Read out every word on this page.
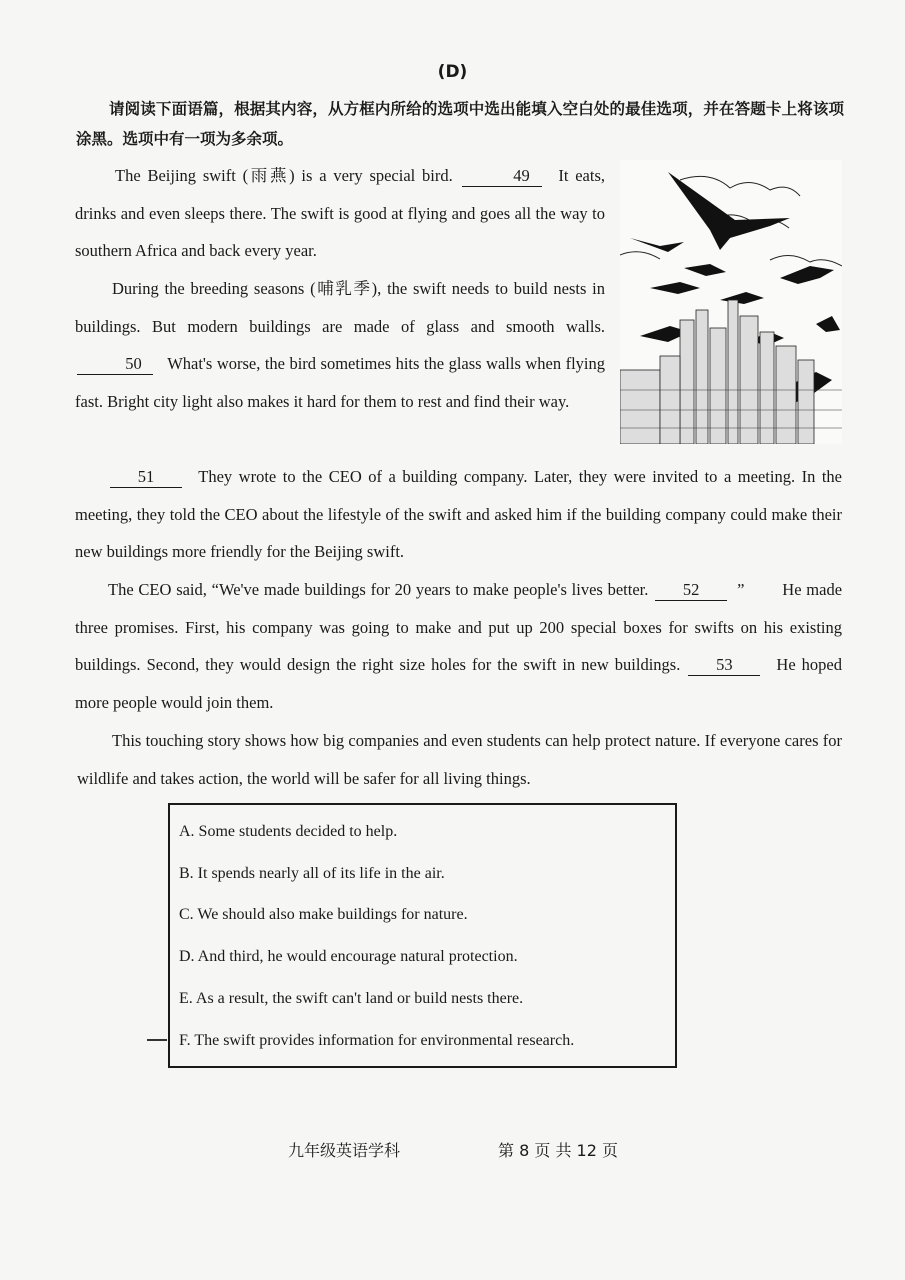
(D)
请阅读下面语篇，根据其内容，从方框内所给的选项中选出能填入空白处的最佳选项，并在答题卡上将该项涂黑。选项中有一项为多余项。
The Beijing swift (雨燕) is a very special bird.	49 It eats, drinks and even sleeps there. The swift is good at flying and goes all the way to southern Africa and back every year.
During the breeding seasons (哺乳季), the swift needs to build nests in buildings. But modern buildings are made of glass and smooth walls. 50 What's worse, the bird sometimes hits the glass walls when flying fast. Bright city light also makes it hard for them to rest and find their way.
51	They wrote to the CEO of a building company. Later, they were invited to a meeting. In the meeting, they told the CEO about the lifestyle of the swift and asked him if the building company could make their new buildings more friendly for the Beijing swift.
The CEO said, “We've made buildings for 20 years to make people's lives better. 52 ” He made three promises. First, his company was going to make and put up 200 special boxes for swifts on his existing buildings. Second, they would design the right size holes for the swift in new buildings. 53	He hoped more people would join them.
This touching story shows how big companies and even students can help protect nature. If everyone cares for wildlife and takes action, the world will be safer for all living things.
A. Some students decided to help.
B. It spends nearly all of its life in the air.
C. We should also make buildings for nature.
D. And third, he would encourage natural protection.
E. As a result, the swift can't land or build nests there.
F. The swift provides information for environmental research.
九年级英语学科	第 8 页 共 12 页
